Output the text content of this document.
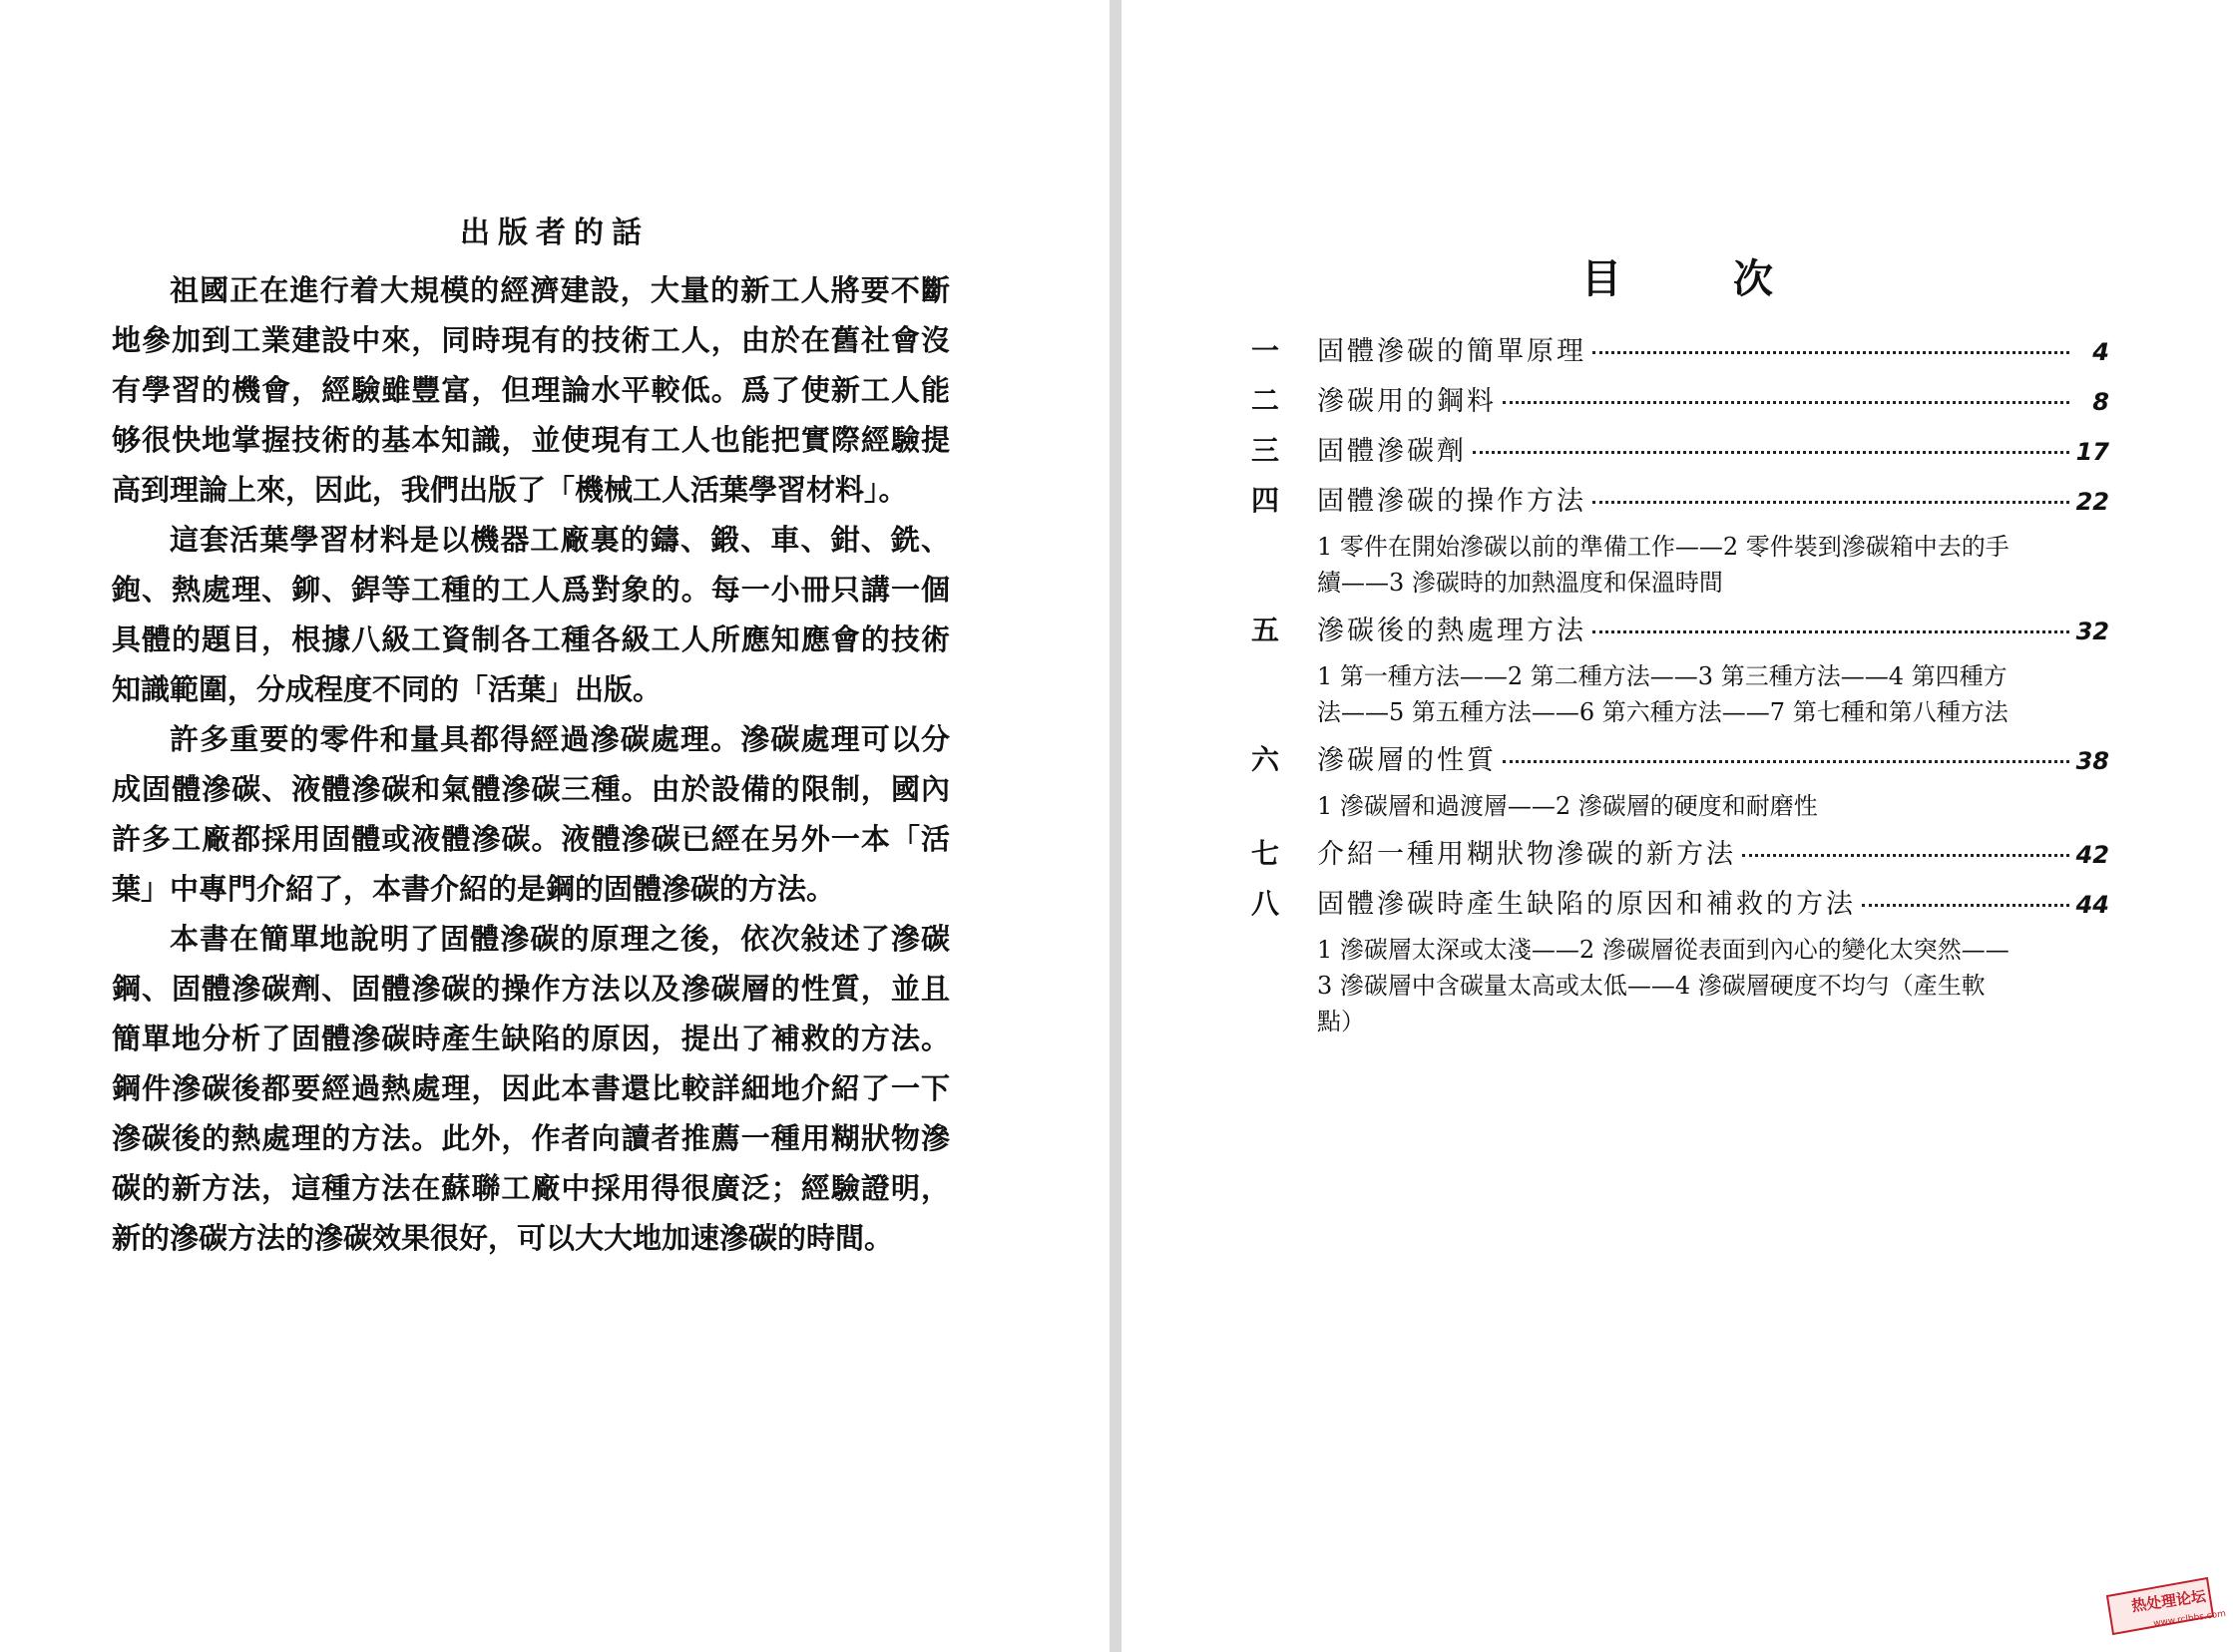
出版者的話

祖國正在進行着大規模的經濟建設，大量的新工人將要不斷地參加到工業建設中來，同時現有的技術工人，由於在舊社會沒有學習的機會，經驗雖豐富，但理論水平較低。爲了使新工人能够很快地掌握技術的基本知識，並使現有工人也能把實際經驗提高到理論上來，因此，我們出版了「機械工人活葉學習材料」。

這套活葉學習材料是以機器工廠裏的鑄、鍛、車、鉗、銑、鉋、熱處理、鉚、銲等工種的工人爲對象的。每一小冊只講一個具體的題目，根據八級工資制各工種各級工人所應知應會的技術知識範圍，分成程度不同的「活葉」出版。

許多重要的零件和量具都得經過滲碳處理。滲碳處理可以分成固體滲碳、液體滲碳和氣體滲碳三種。由於設備的限制，國內許多工廠都採用固體或液體滲碳。液體滲碳已經在另外一本「活葉」中專門介紹了，本書介紹的是鋼的固體滲碳的方法。

本書在簡單地說明了固體滲碳的原理之後，依次敍述了滲碳鋼、固體滲碳劑、固體滲碳的操作方法以及滲碳層的性質，並且簡單地分析了固體滲碳時產生缺陷的原因，提出了補救的方法。鋼件滲碳後都要經過熱處理，因此本書還比較詳細地介紹了一下滲碳後的熱處理的方法。此外，作者向讀者推薦一種用糊狀物滲碳的新方法，這種方法在蘇聯工廠中採用得很廣泛；經驗證明，新的滲碳方法的滲碳效果很好，可以大大地加速滲碳的時間。

目	次
一	固體滲碳的簡單原理	4
二	滲碳用的鋼料	8
三	固體滲碳劑	17
四	固體滲碳的操作方法	22
1 零件在開始滲碳以前的準備工作——2 零件裝到滲碳箱中去的手續——3 滲碳時的加熱溫度和保溫時間
五	滲碳後的熱處理方法	32
1 第一種方法——2 第二種方法——3 第三種方法——4 第四種方法——5 第五種方法——6 第六種方法——7 第七種和第八種方法
六	滲碳層的性質	38
1 滲碳層和過渡層——2 滲碳層的硬度和耐磨性
七	介紹一種用糊狀物滲碳的新方法	42
八	固體滲碳時產生缺陷的原因和補救的方法	44
1 滲碳層太深或太淺——2 滲碳層從表面到內心的變化太突然——3 滲碳層中含碳量太高或太低——4 滲碳層硬度不均勻（產生軟點）
热处理论坛
www.rclbbs.com
